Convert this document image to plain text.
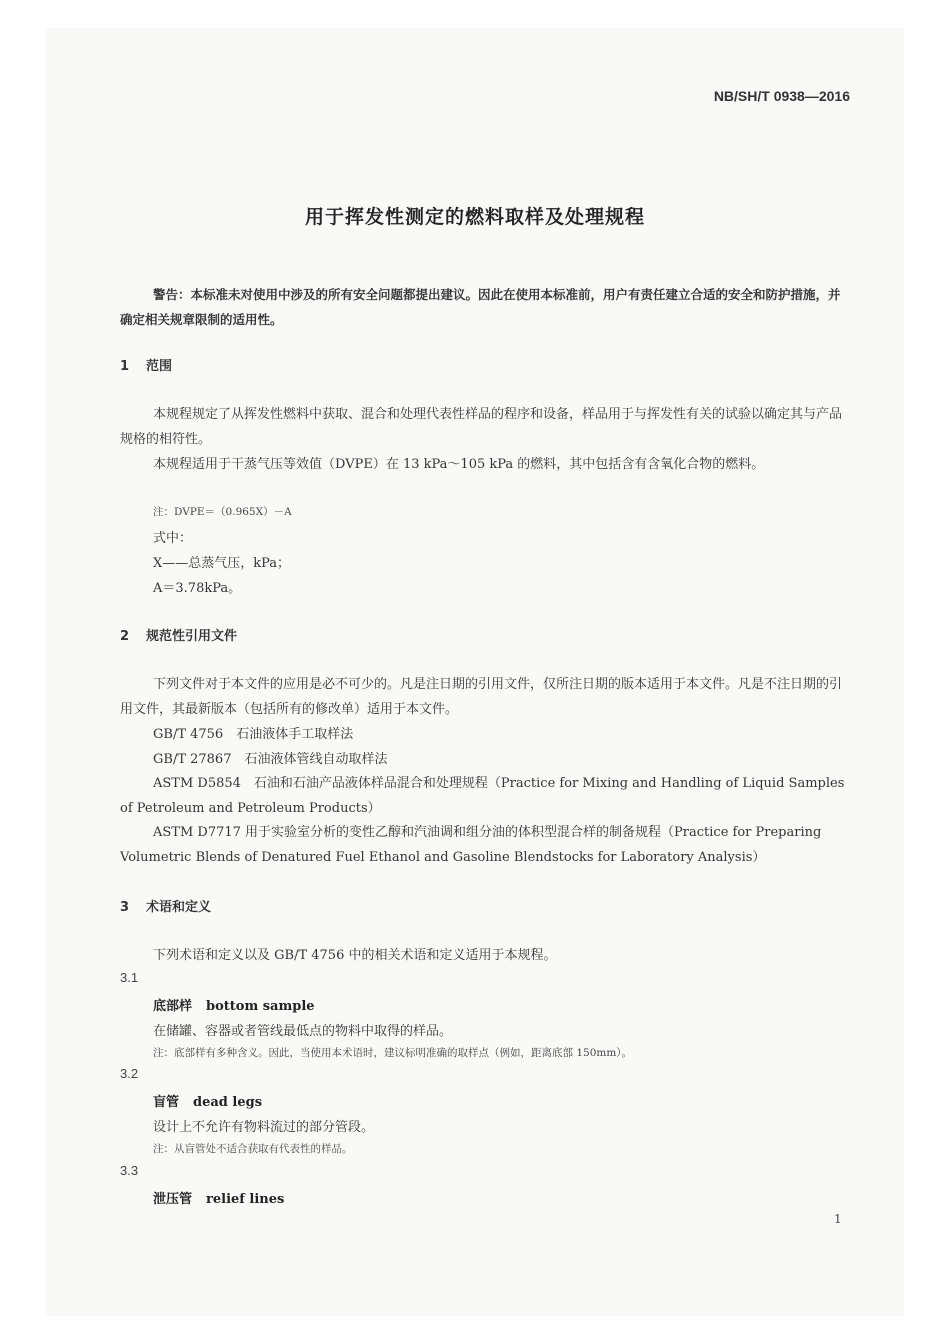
NB/SH/T 0938—2016
用于挥发性测定的燃料取样及处理规程
警告：本标准未对使用中涉及的所有安全问题都提出建议。因此在使用本标准前，用户有责任建立合适的安全和防护措施，并确定相关规章限制的适用性。
1 范围
本规程规定了从挥发性燃料中获取、混合和处理代表性样品的程序和设备，样品用于与挥发性有关的试验以确定其与产品规格的相符性。
本规程适用于干蒸气压等效值（DVPE）在 13 kPa～105 kPa 的燃料，其中包括含有含氧化合物的燃料。
注：DVPE＝（0.965X）－A
式中：
X——总蒸气压，kPa；
A＝3.78kPa。
2 规范性引用文件
下列文件对于本文件的应用是必不可少的。凡是注日期的引用文件，仅所注日期的版本适用于本文件。凡是不注日期的引用文件，其最新版本（包括所有的修改单）适用于本文件。
GB/T 4756　石油液体手工取样法
GB/T 27867　石油液体管线自动取样法
ASTM D5854　石油和石油产品液体样品混合和处理规程（Practice for Mixing and Handling of Liquid Samples of Petroleum and Petroleum Products）
ASTM D7717 用于实验室分析的变性乙醇和汽油调和组分油的体积型混合样的制备规程（Practice for Preparing Volumetric Blends of Denatured Fuel Ethanol and Gasoline Blendstocks for Laboratory Analysis）
3 术语和定义
下列术语和定义以及 GB/T 4756 中的相关术语和定义适用于本规程。
3.1
底部样 bottom sample
在储罐、容器或者管线最低点的物料中取得的样品。
注：底部样有多种含义。因此，当使用本术语时，建议标明准确的取样点（例如，距离底部 150mm）。
3.2
盲管 dead legs
设计上不允许有物料流过的部分管段。
注：从盲管处不适合获取有代表性的样品。
3.3
泄压管 relief lines
1
